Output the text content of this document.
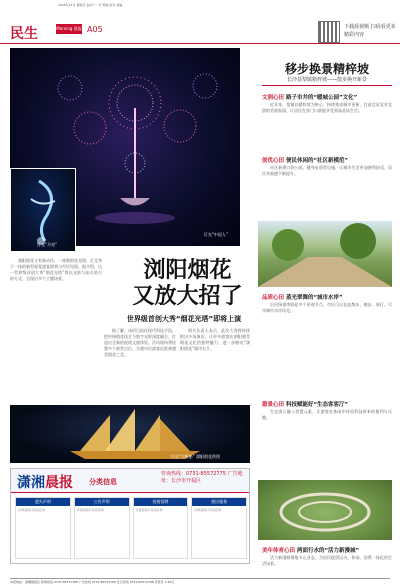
2025年12月 星期日 农历十一月 责编 校对 美编
民生	Morning 晨报 A05	下载晨视频 扫码看更多精彩内容
灯光“中国人”
灯光“月亮”
浏阳烟花
又放大招了
世界级首创大秀“烟花光塔”即将上演
浏阳烟花又有新动作，一座集烟花光塔、灯光秀于一体的新型视觉盛宴即将与市民见面。据介绍，这一世界级首创大秀“烟花光塔”将以光影与焰火结合的方式，呈现出多个主题场景。
据了解，该项目依托现代科技手段，把传统烟花技艺与数字光影深度融合，打造出全新的夜间文旅体验。活动现场将设置多个观赏点位，方便市民游客近距离感受烟花之美。
相关负责人表示，此次大秀将持续推出多场演出，让更多游客在浏阳感受烟花文化的独特魅力，进一步擦亮“浏阳烟花”城市名片。
灯光“大帆船” 浏阳烟花供图
潇湘晨报 分类信息
咨询热线：0731-85572775 广告地址：长沙市开福区
遗失声明
详情请拨打热线咨询
公告声明
详情请拨打热线咨询
招商招聘
详情请拨打热线咨询
便民服务
详情请拨打热线咨询
移步换景精梓坡
长沙县梨镇精梓坡——散步换开新景
文润心田 路子市井的“暖城公园”文化”
近年来，梨镇以精梓坡为核心，持续推进城市更新，打造宜居宜业宜游的美丽家园，让居民在家门口就能享受到高品质生活。
创优心田 便民休闲的“社区新模范”
社区新建口袋公园、健身步道等设施，让城市生活更加便利舒适，居民幸福感不断提升。
品质心田 蒸光翠舞的“城市水岸”
沿河绿道串联起多个景观节点，市民可以在此散步、跑步、骑行，尽享城市水岸风光。
愿景心田 科技赋能好“生态客客厅”
生态客厅融入智慧元素，让游客在休闲中体验科技带来的便利与乐趣。
美年体育心田 两面行水的“活力新漫城”
活力新漫城聚集多元业态，为居民提供运动、休闲、消费一体化的生活场景。
本报地址：潇湘晨报社 新闻热线 0731-85571188 广告热线 0731-85571166 发行热线 0731-85571188 零售价 1.50元
